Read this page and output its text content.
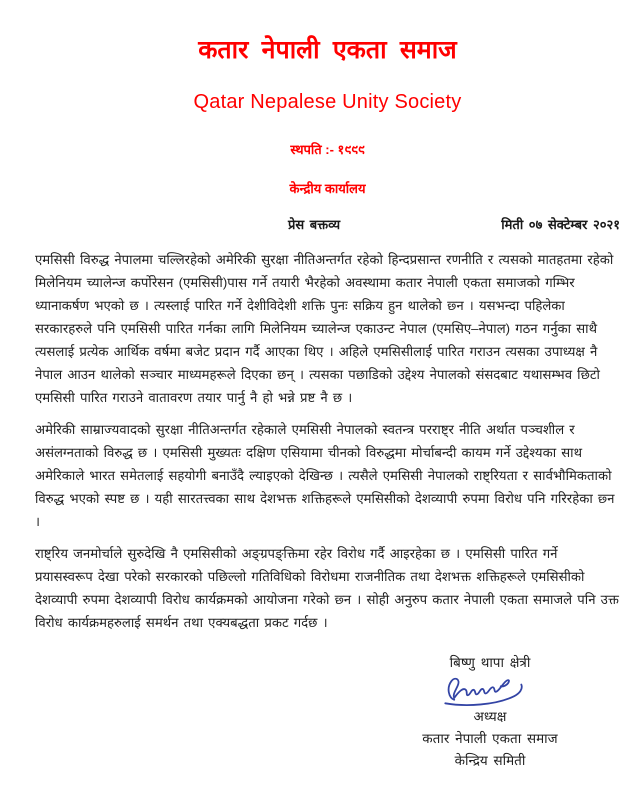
कतार नेपाली एकता समाज
Qatar Nepalese Unity Society
स्थपति :- १९९९
केन्द्रीय कार्यालय
प्रेस बक्तव्य	मिती ०७ सेक्टेम्बर २०२१

एमसिसी विरुद्ध नेपालमा चल्लिरहेको अमेरिकी सुरक्षा नीतिअन्तर्गत रहेको हिन्दप्रसान्त रणनीति र त्यसको मातहतमा रहेको मिलेनियम च्यालेन्ज कर्पोरेसन (एमसिसी)पास गर्ने तयारी भैरहेको अवस्थामा कतार नेपाली एकता समाजको गम्भिर ध्यानाकर्षण भएको छ । त्यस्लाई पारित गर्ने देशीविदेशी शक्ति पुनः सक्रिय हुन थालेको छ्न । यसभन्दा पहिलेका सरकारहरुले पनि एमसिसी पारित गर्नका लागि मिलेनियम च्यालेन्ज एकाउन्ट नेपाल (एमसिए–नेपाल) गठन गर्नुका साथै त्यसलाई प्रत्येक आर्थिक वर्षमा बजेट प्रदान गर्दै आएका थिए । अहिले एमसिसीलाई पारित गराउन त्यसका उपाध्यक्ष नै नेपाल आउन थालेको सञ्चार माध्यमहरूले दिएका छन् । त्यसका पछाडिको उद्देश्य नेपालको संसदबाट यथासम्भव छिटो एमसिसी पारित गराउने वातावरण तयार पार्नु नै हो भन्ने प्रष्ट नै छ ।

अमेरिकी साम्राज्यवादको सुरक्षा नीतिअन्तर्गत रहेकाले एमसिसी नेपालको स्वतन्त्र परराष्ट्र नीति अर्थात पञ्चशील र असंलग्नताको विरुद्ध छ । एमसिसी मुख्यतः दक्षिण एसियामा चीनको विरुद्धमा मोर्चाबन्दी कायम गर्ने उद्देश्यका साथ अमेरिकाले भारत समेतलाई सहयोगी बनाउँदै ल्याइएको देखिन्छ । त्यसैले एमसिसी नेपालको राष्ट्रियता र सार्वभौमिकताको विरुद्ध भएको स्पष्ट छ । यही सारतत्त्वका साथ देशभक्त शक्तिहरूले एमसिसीको देशव्यापी रुपमा विरोध पनि गरिरहेका छ्न ।

राष्ट्रिय जनमोर्चाले सुरुदेखि नै एमसिसीको अङ्ग्रपङ्क्तिमा रहेर विरोध गर्दै आइरहेका छ । एमसिसी पारित गर्ने प्रयासस्वरूप देखा परेको सरकारको पछिल्लो गतिविधिको विरोधमा राजनीतिक तथा देशभक्त शक्तिहरूले एमसिसीको देशव्यापी रुपमा देशव्यापी विरोध कार्यक्रमको आयोजना गरेको छ्न । सोही अनुरुप कतार नेपाली एकता समाजले पनि उक्त विरोध कार्यक्रमहरुलाई समर्थन तथा एक्यबद्धता प्रकट गर्दछ ।

बिष्णु थापा क्षेत्री
अध्यक्ष
कतार नेपाली एकता समाज
केन्द्रिय समिती
